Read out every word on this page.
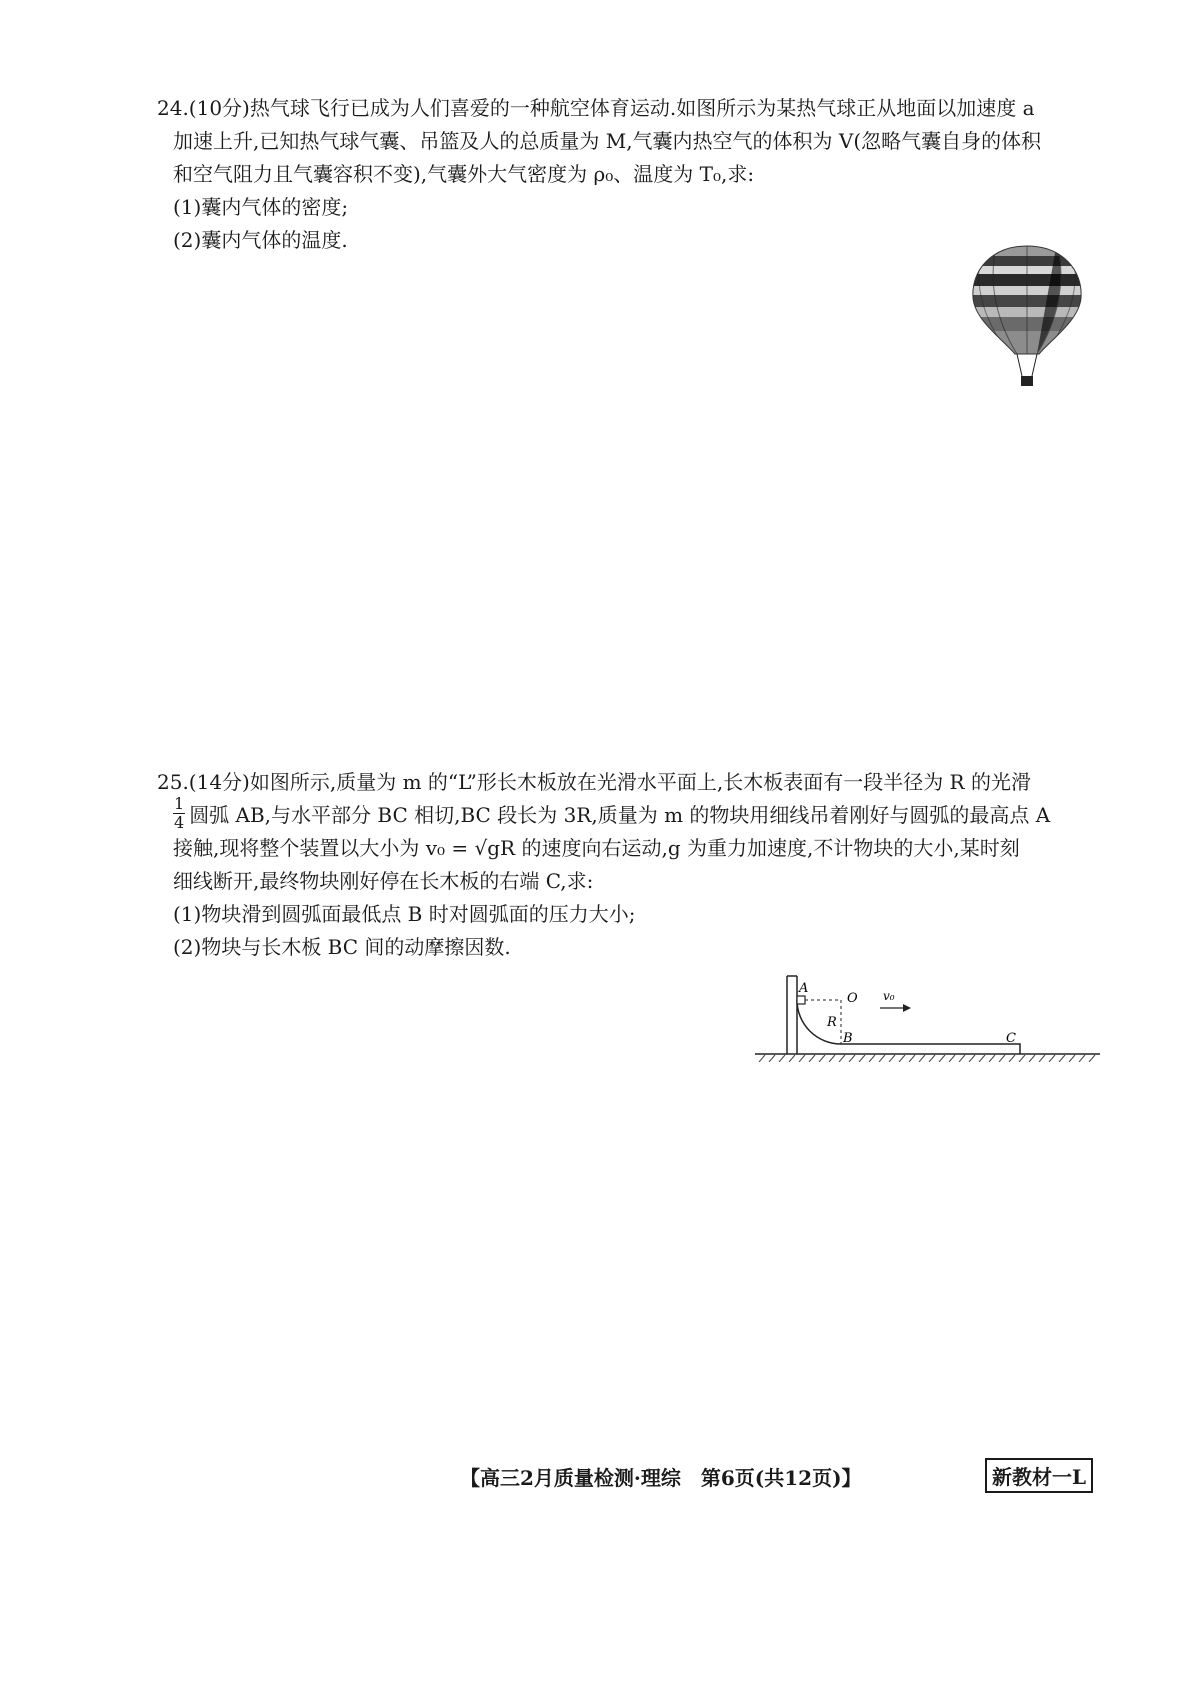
24.(10分)热气球飞行已成为人们喜爱的一种航空体育运动.如图所示为某热气球正从地面以加速度 a
加速上升,已知热气球气囊、吊篮及人的总质量为 M,气囊内热空气的体积为 V(忽略气囊自身的体积
和空气阻力且气囊容积不变),气囊外大气密度为 ρ₀、温度为 T₀,求:
(1)囊内气体的密度;
(2)囊内气体的温度.
25.(14分)如图所示,质量为 m 的“L”形长木板放在光滑水平面上,长木板表面有一段半径为 R 的光滑
$\frac{1}{4}$ 圆弧 AB,与水平部分 BC 相切,BC 段长为 3R,质量为 m 的物块用细线吊着刚好与圆弧的最高点 A
接触,现将整个装置以大小为 v₀ = √gR 的速度向右运动,g 为重力加速度,不计物块的大小,某时刻
细线断开,最终物块刚好停在长木板的右端 C,求:
(1)物块滑到圆弧面最低点 B 时对圆弧面的压力大小;
(2)物块与长木板 BC 间的动摩擦因数.
A
O
R
B	C
v₀
【高三2月质量检测·理综　第6页(共12页)】	新教材一L
